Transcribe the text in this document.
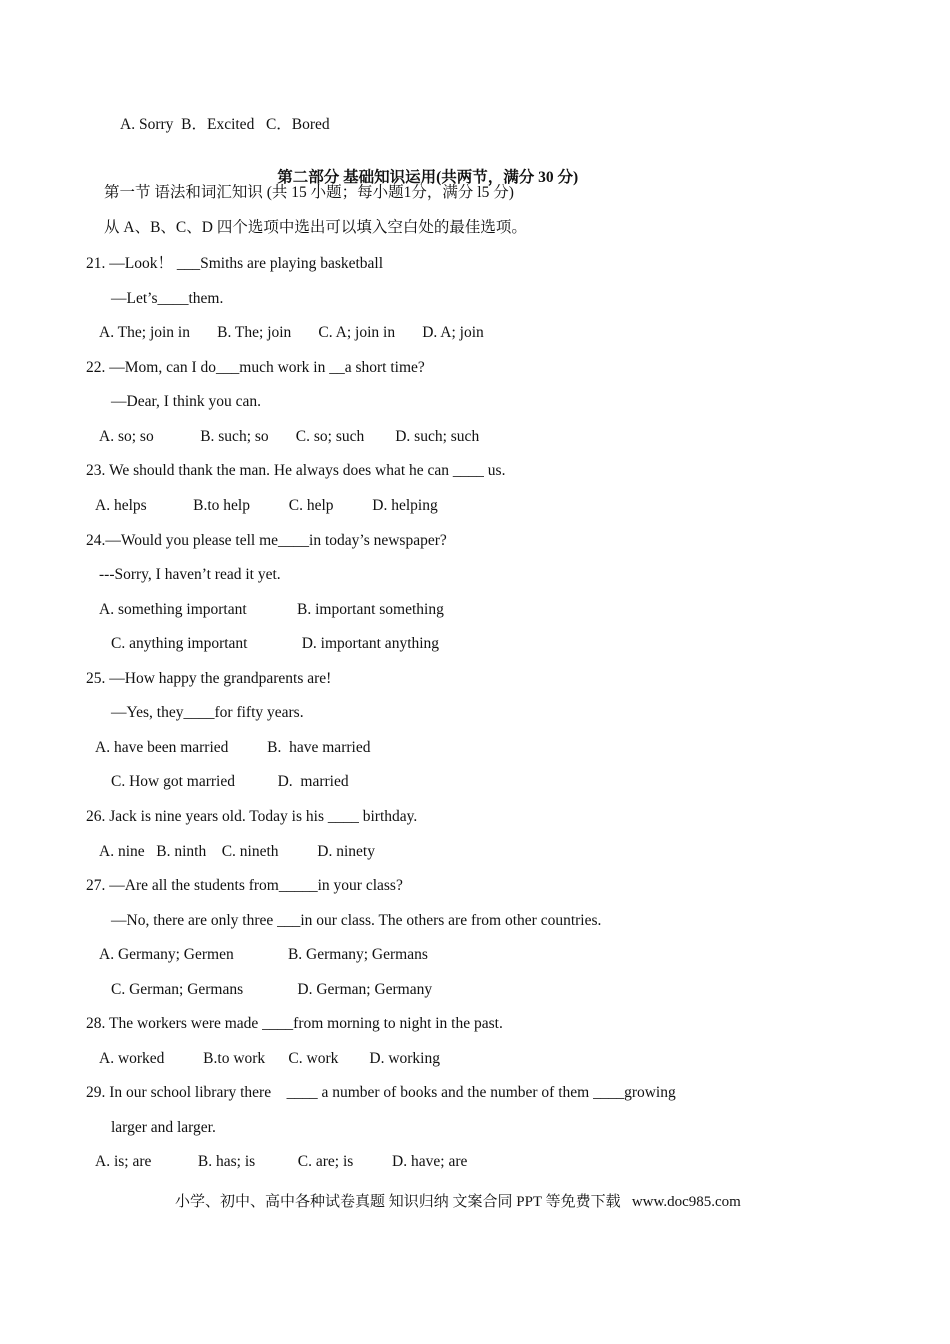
A. Sorry  B．Excited   C．Bored

第二部分 基础知识运用(共两节，满分 30 分)

第一节 语法和词汇知识 (共 15 小题；每小题1分，满分 l5 分)
从 A、B、C、D 四个选项中选出可以填入空白处的最佳选项。
21. —Look！ ___Smiths are playing basketball
—Let’s____them.
A. The; join in       B. The; join       C. A; join in       D. A; join
22. —Mom, can I do___much work in __a short time?
—Dear, I think you can.
A. so; so            B. such; so       C. so; such        D. such; such
23. We should thank the man. He always does what he can ____ us.
A. helps            B.to help          C. help          D. helping
24.—Would you please tell me____in today’s newspaper?
---Sorry, I haven’t read it yet.
A. something important             B. important something
C. anything important              D. important anything
25. —How happy the grandparents are!
—Yes, they____for fifty years.
A. have been married          B.  have married
C. How got married           D.  married
26. Jack is nine years old. Today is his ____ birthday.
A. nine   B. ninth    C. nineth          D. ninety
27. —Are all the students from_____in your class?
—No, there are only three ___in our class. The others are from other countries.
A. Germany; Germen              B. Germany; Germans
C. German; Germans              D. German; Germany
28. The workers were made ____from morning to night in the past.
A. worked          B.to work      C. work        D. working
29. In our school library there    ____ a number of books and the number of them ____growing
larger and larger.
A. is; are            B. has; is           C. are; is          D. have; are
小学、初中、高中各种试卷真题 知识归纳 文案合同 PPT 等免费下载   www.doc985.com
